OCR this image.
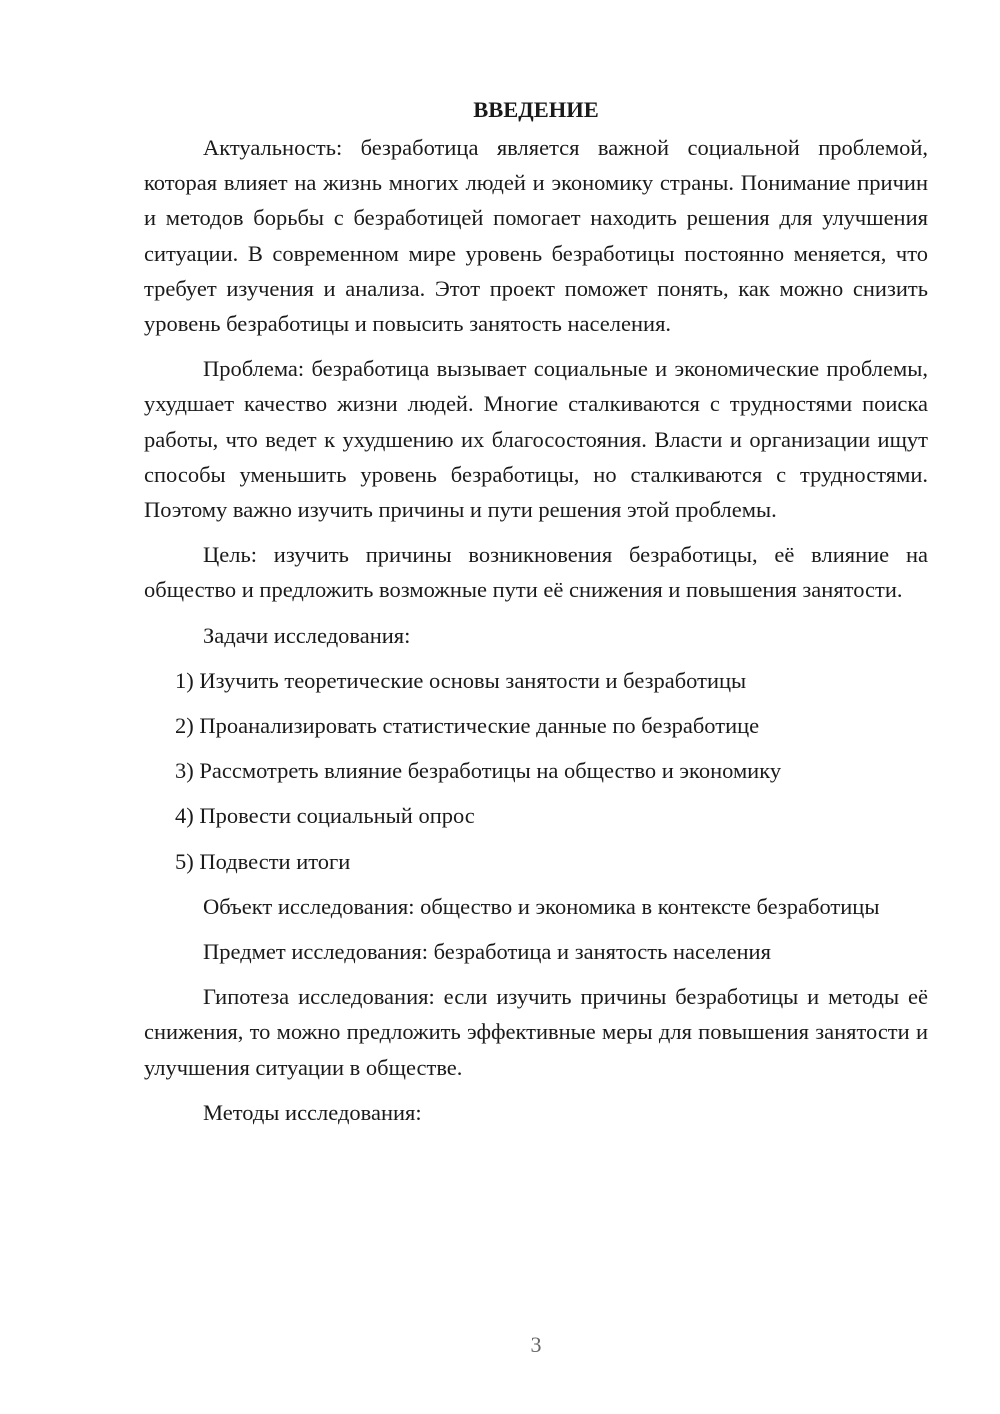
ВВЕДЕНИЕ

Актуальность: безработица является важной социальной проблемой, которая влияет на жизнь многих людей и экономику страны. Понимание причин и методов борьбы с безработицей помогает находить решения для улучшения ситуации. В современном мире уровень безработицы постоянно меняется, что требует изучения и анализа. Этот проект поможет понять, как можно снизить уровень безработицы и повысить занятость населения.

Проблема: безработица вызывает социальные и экономические проблемы, ухудшает качество жизни людей. Многие сталкиваются с трудностями поиска работы, что ведет к ухудшению их благосостояния. Власти и организации ищут способы уменьшить уровень безработицы, но сталкиваются с трудностями. Поэтому важно изучить причины и пути решения этой проблемы.

Цель: изучить причины возникновения безработицы, её влияние на общество и предложить возможные пути её снижения и повышения занятости.

Задачи исследования:

1) Изучить теоретические основы занятости и безработицы
2) Проанализировать статистические данные по безработице
3) Рассмотреть влияние безработицы на общество и экономику
4) Провести социальный опрос
5) Подвести итоги

Объект исследования: общество и экономика в контексте безработицы

Предмет исследования: безработица и занятость населения

Гипотеза исследования: если изучить причины безработицы и методы её снижения, то можно предложить эффективные меры для повышения занятости и улучшения ситуации в обществе.

Методы исследования:

3
